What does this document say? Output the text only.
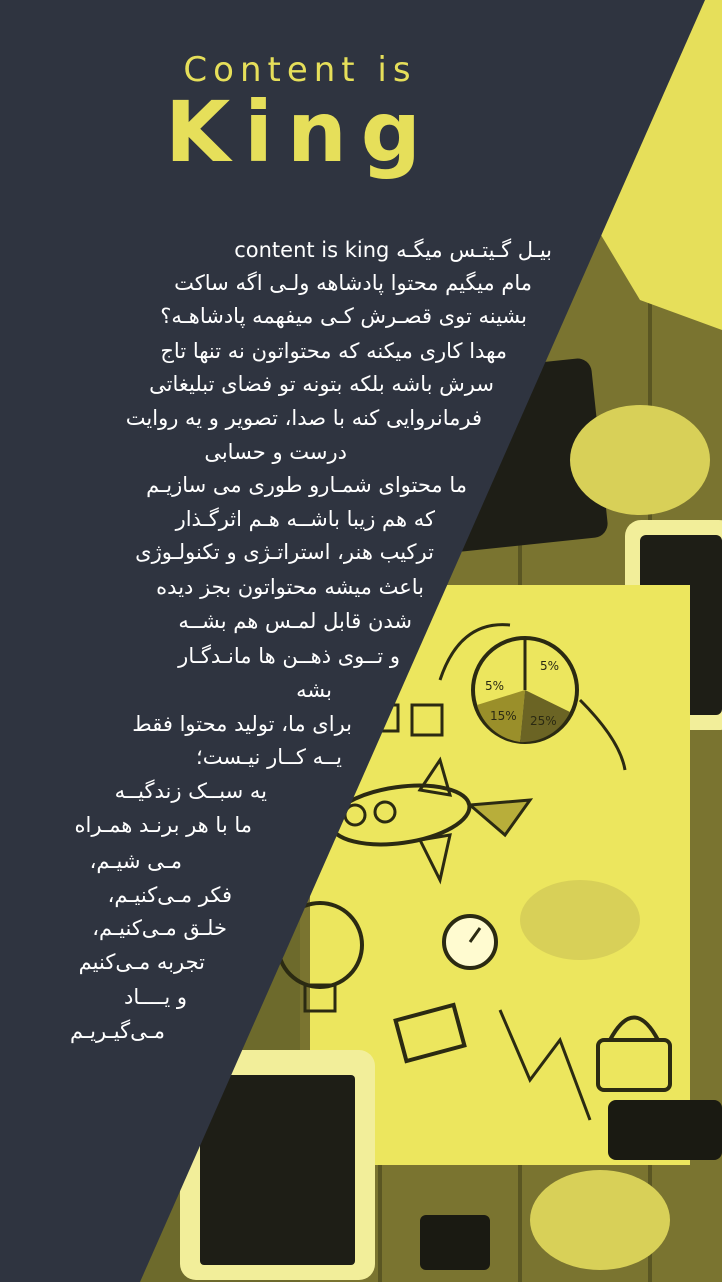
5%
5%
15% 25%
Content is
King
بیـل گـیتـس میگـه content is king
مام میگیم محتوا پادشاهه ولـی اگه ساکت
بشینه توی قصـرش کـی میفهمه پادشاهـه؟
مهدا کاری میکنه که محتواتون نه تنها تاج
سرش باشه بلکه بتونه تو فضای تبلیغاتی
فرمانروایی کنه با صدا، تصویر و یه روایت
درست و حسابی
ما محتوای شمـارو طوری می سازیـم
که هم زیبا باشــه هـم اثرگـذار
ترکیب هنر، استراتـژی و تکنولـوژی
باعث میشه محتواتون بجز دیده
شدن قابل لمـس هم بشــه
و تــوی ذهــن ها مانـدگـار
بشه
برای ما، تولید محتوا فقط
یــه کــار نیـست؛
یه سبــک زندگیــه
ما با هر برنـد همـراه
مـی شیـم،
فکر مـی‌کنیـم،
خلـق مـی‌کنیـم،
تجربه مـی‌کنیم
و یــــاد
مـی‌گیـریـم
